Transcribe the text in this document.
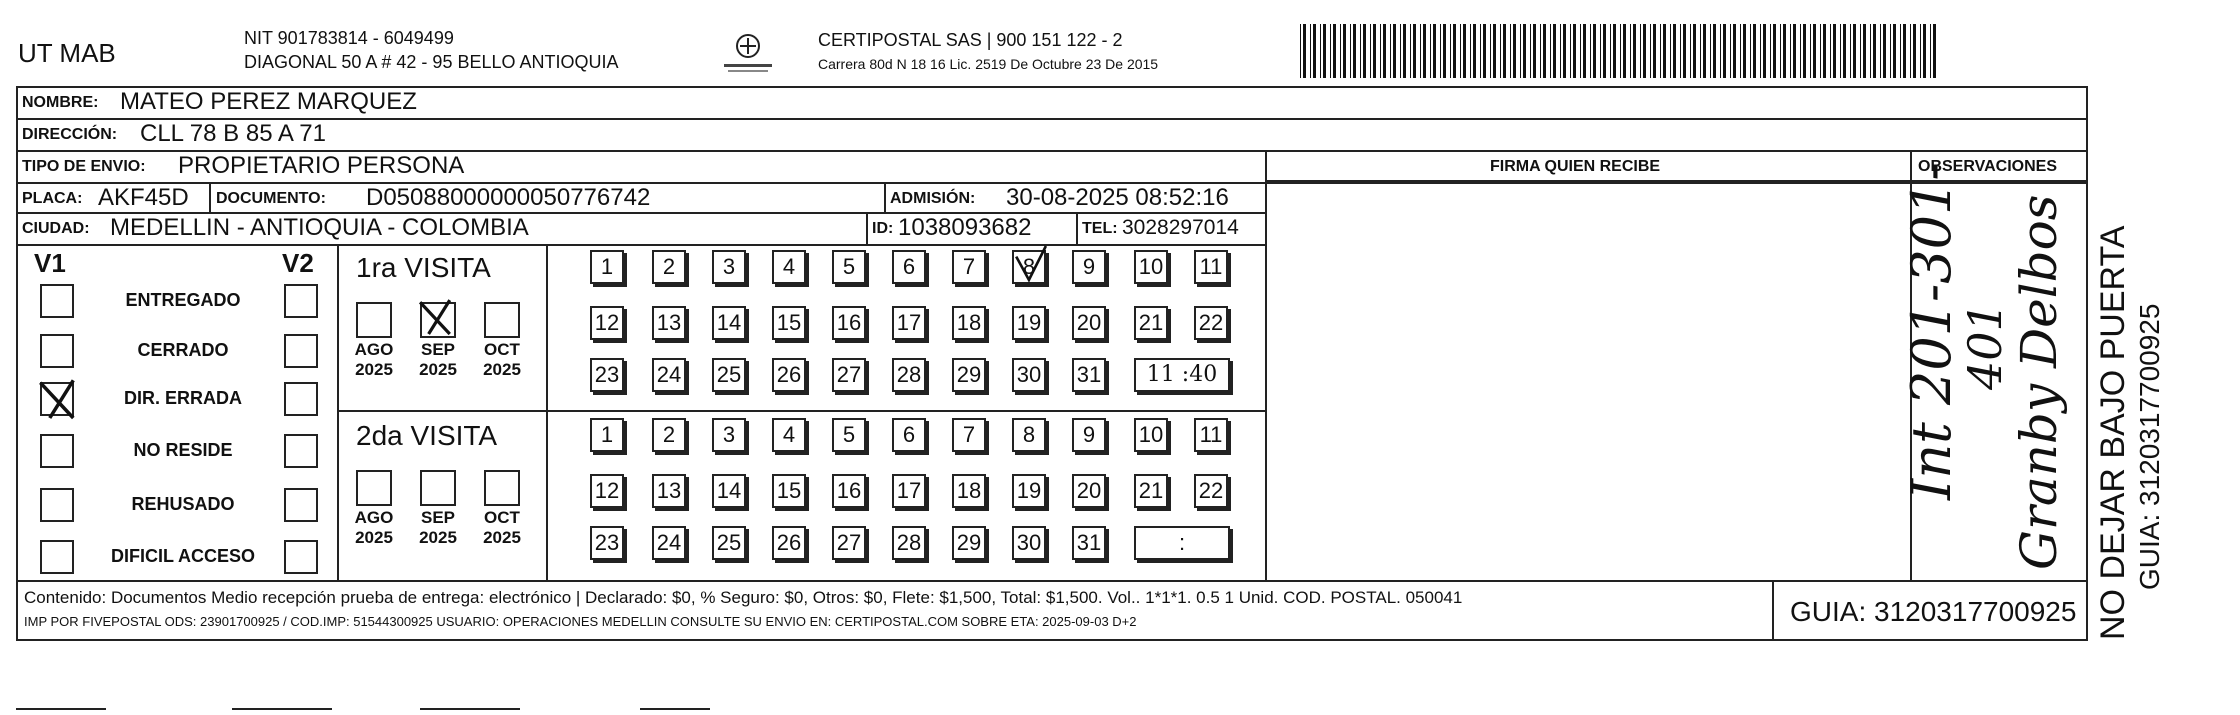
UT MAB	NIT 901783814 - 6049499
DIAGONAL 50 A # 42 - 95 BELLO ANTIOQUIA
CERTIPOSTAL SAS | 900 151 122 - 2
Carrera 80d N 18 16 Lic. 2519 De Octubre 23 De 2015
NOMBRE: MATEO PEREZ MARQUEZ
DIRECCIÓN: CLL 78 B 85 A 71
TIPO DE ENVIO: PROPIETARIO PERSONA	FIRMA QUIEN RECIBE	OBSERVACIONES
PLACA: AKF45D DOCUMENTO: D05088000000050776742	ADMISIÓN: 30-08-2025 08:52:16
CIUDAD: MEDELLIN - ANTIOQUIA - COLOMBIA	ID: 1038093682	TEL: 3028297014
V1	V2
ENTREGADO
CERRADO
DIR. ERRADA
NO RESIDE
REHUSADO
DIFICIL ACCESO
1ra VISITA
2da VISITA
AGO
2025
SEP
2025
OCT
2025
1	2	3	4	5	6	7	8	9	10 11
12 13 14 15 16 17 18 19 20 21 22
23 24 25 26 27 28 29 30 31	11 :40
AGO
2025
SEP
2025
OCT
2025
1	2	3	4	5	6	7	8	9	10 11
12 13 14 15 16 17 18 19 20 21 22
23 24 25 26 27 28 29 30 31	:
Int 201-301-
401
Granby Delbos
Contenido: Documentos Medio recepción prueba de entrega: electrónico | Declarado: $0, % Seguro: $0, Otros: $0, Flete: $1,500, Total: $1,500. Vol.. 1*1*1. 0.5 1 Unid. COD. POSTAL. 050041
IMP POR FIVEPOSTAL ODS: 23901700925 / COD.IMP: 51544300925 USUARIO: OPERACIONES MEDELLIN CONSULTE SU ENVIO EN: CERTIPOSTAL.COM SOBRE ETA: 2025-09-03 D+2	GUIA: 3120317700925 NO DEJAR BAJO PUERTA GUIA: 3120317700925
